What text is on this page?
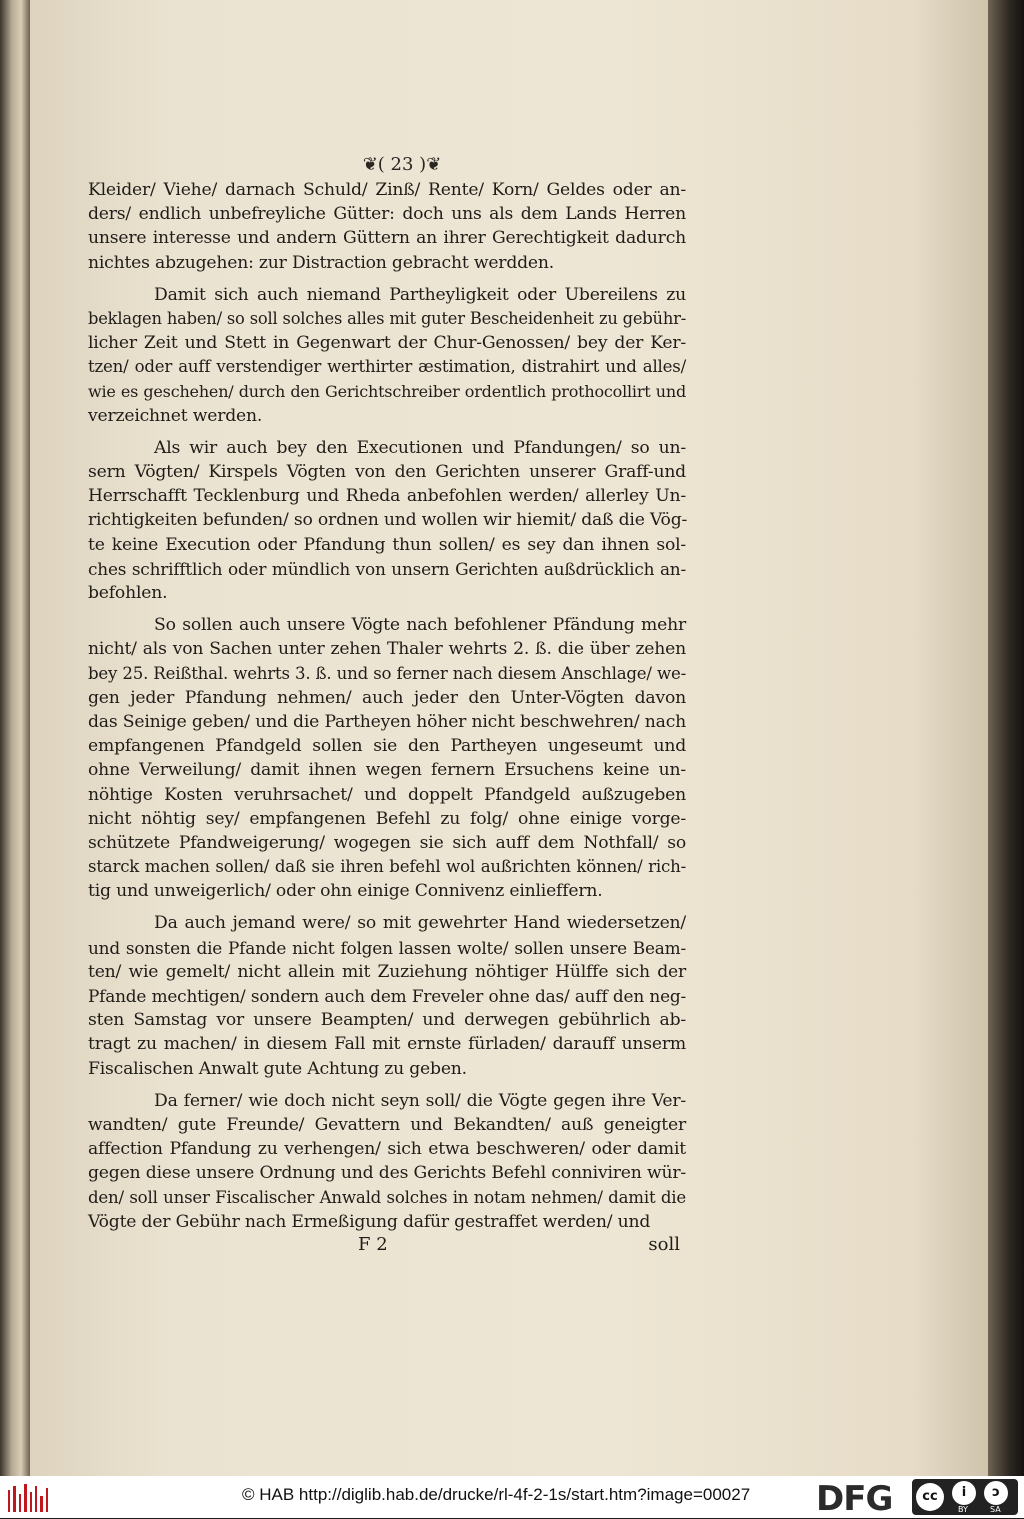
❦( 23 )❦
Kleider/ Viehe/ darnach Schuld/ Zinß/ Rente/ Korn/ Geldes oder an-
ders/ endlich unbefreyliche Gütter: doch uns als dem Lands Herren
unsere interesse und andern Güttern an ihrer Gerechtigkeit dadurch
nichtes abzugehen: zur Distraction gebracht werdden.
Damit sich auch niemand Partheyligkeit oder Ubereilens zu
beklagen haben/ so soll solches alles mit guter Bescheidenheit zu gebühr-
licher Zeit und Stett in Gegenwart der Chur-Genossen/ bey der Ker-
tzen/ oder auff verstendiger werthirter æstimation, distrahirt und alles/
wie es geschehen/ durch den Gerichtschreiber ordentlich prothocollirt und
verzeichnet werden.
Als wir auch bey den Executionen und Pfandungen/ so un-
sern Vögten/ Kirspels Vögten von den Gerichten unserer Graff-und
Herrschafft Tecklenburg und Rheda anbefohlen werden/ allerley Un-
richtigkeiten befunden/ so ordnen und wollen wir hiemit/ daß die Vög-
te keine Execution oder Pfandung thun sollen/ es sey dan ihnen sol-
ches schrifftlich oder mündlich von unsern Gerichten außdrücklich an-
befohlen.
So sollen auch unsere Vögte nach befohlener Pfändung mehr
nicht/ als von Sachen unter zehen Thaler wehrts 2. ß. die über zehen
bey 25. Reißthal. wehrts 3. ß. und so ferner nach diesem Anschlage/ we-
gen jeder Pfandung nehmen/ auch jeder den Unter-Vögten davon
das Seinige geben/ und die Partheyen höher nicht beschwehren/ nach
empfangenen Pfandgeld sollen sie den Partheyen ungeseumt und
ohne Verweilung/ damit ihnen wegen fernern Ersuchens keine un-
nöhtige Kosten veruhrsachet/ und doppelt Pfandgeld außzugeben
nicht nöhtig sey/ empfangenen Befehl zu folg/ ohne einige vorge-
schützete Pfandweigerung/ wogegen sie sich auff dem Nothfall/ so
starck machen sollen/ daß sie ihren befehl wol außrichten können/ rich-
tig und unweigerlich/ oder ohn einige Connivenz einlieffern.
Da auch jemand were/ so mit gewehrter Hand wiedersetzen/
und sonsten die Pfande nicht folgen lassen wolte/ sollen unsere Beam-
ten/ wie gemelt/ nicht allein mit Zuziehung nöhtiger Hülffe sich der
Pfande mechtigen/ sondern auch dem Freveler ohne das/ auff den neg-
sten Samstag vor unsere Beampten/ und derwegen gebührlich ab-
tragt zu machen/ in diesem Fall mit ernste fürladen/ darauff unserm
Fiscalischen Anwalt gute Achtung zu geben.
Da ferner/ wie doch nicht seyn soll/ die Vögte gegen ihre Ver-
wandten/ gute Freunde/ Gevattern und Bekandten/ auß geneigter
affection Pfandung zu verhengen/ sich etwa beschweren/ oder damit
gegen diese unsere Ordnung und des Gerichts Befehl conniviren wür-
den/ soll unser Fiscalischer Anwald solches in notam nehmen/ damit die
Vögte der Gebühr nach Ermeßigung dafür gestraffet werden/ und
F 2	soll
© HAB http://diglib.hab.de/drucke/rl-4f-2-1s/start.htm?image=00027 DFG	cc	i	ↄ
BY	SA
